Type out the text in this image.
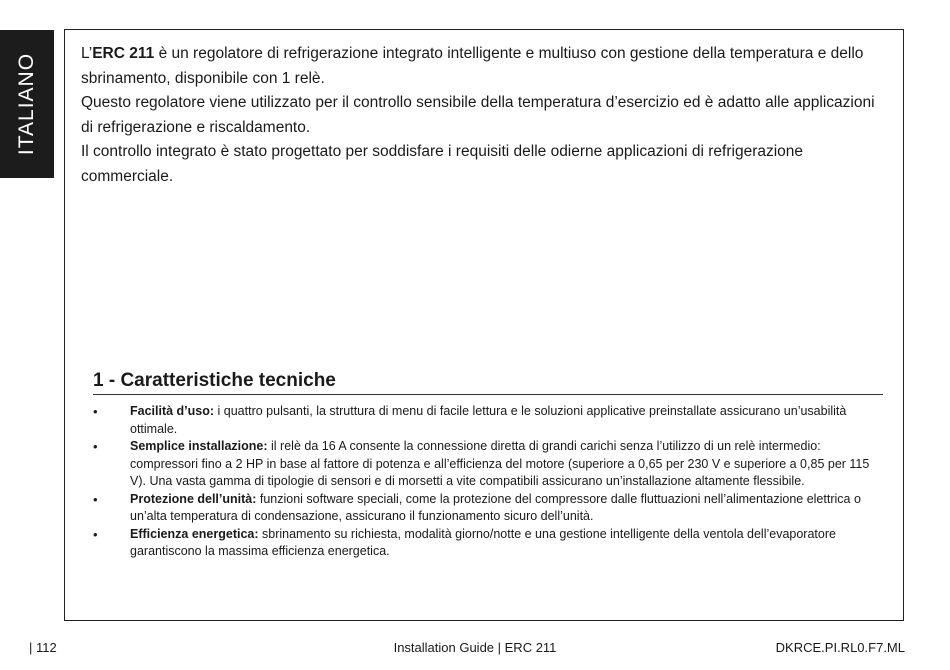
ITALIANO	L’ERC 211 è un regolatore di refrigerazione integrato intelligente e multiuso con gestione della temperatura e dello sbrinamento, disponibile con 1 relè.

Questo regolatore viene utilizzato per il controllo sensibile della temperatura d’esercizio ed è adatto alle applicazioni di refrigerazione e riscaldamento.

Il controllo integrato è stato progettato per soddisfare i requisiti delle odierne applicazioni di refrigerazione commerciale.

1 - Caratteristiche tecniche
•	Facilità d’uso: i quattro pulsanti, la struttura di menu di facile lettura e le soluzioni applicative preinstallate assicurano un’usabilità ottimale.
•	Semplice installazione: il relè da 16 A consente la connessione diretta di grandi carichi senza l’utilizzo di un relè intermedio: compressori fino a 2 HP in base al fattore di potenza e all’efficienza del motore (superiore a 0,65 per 230 V e superiore a 0,85 per 115 V). Una vasta gamma di tipologie di sensori e di morsetti a vite compatibili assicurano un’installazione altamente flessibile.
•	Protezione dell’unità: funzioni software speciali, come la protezione del compressore dalle fluttuazioni nell’alimentazione elettrica o un’alta temperatura di condensazione, assicurano il funzionamento sicuro dell’unità.
•	Efficienza energetica: sbrinamento su richiesta, modalità giorno/notte e una gestione intelligente della ventola dell’evaporatore garantiscono la massima efficienza energetica.
| 112	Installation Guide | ERC 211	DKRCE.PI.RL0.F7.ML
